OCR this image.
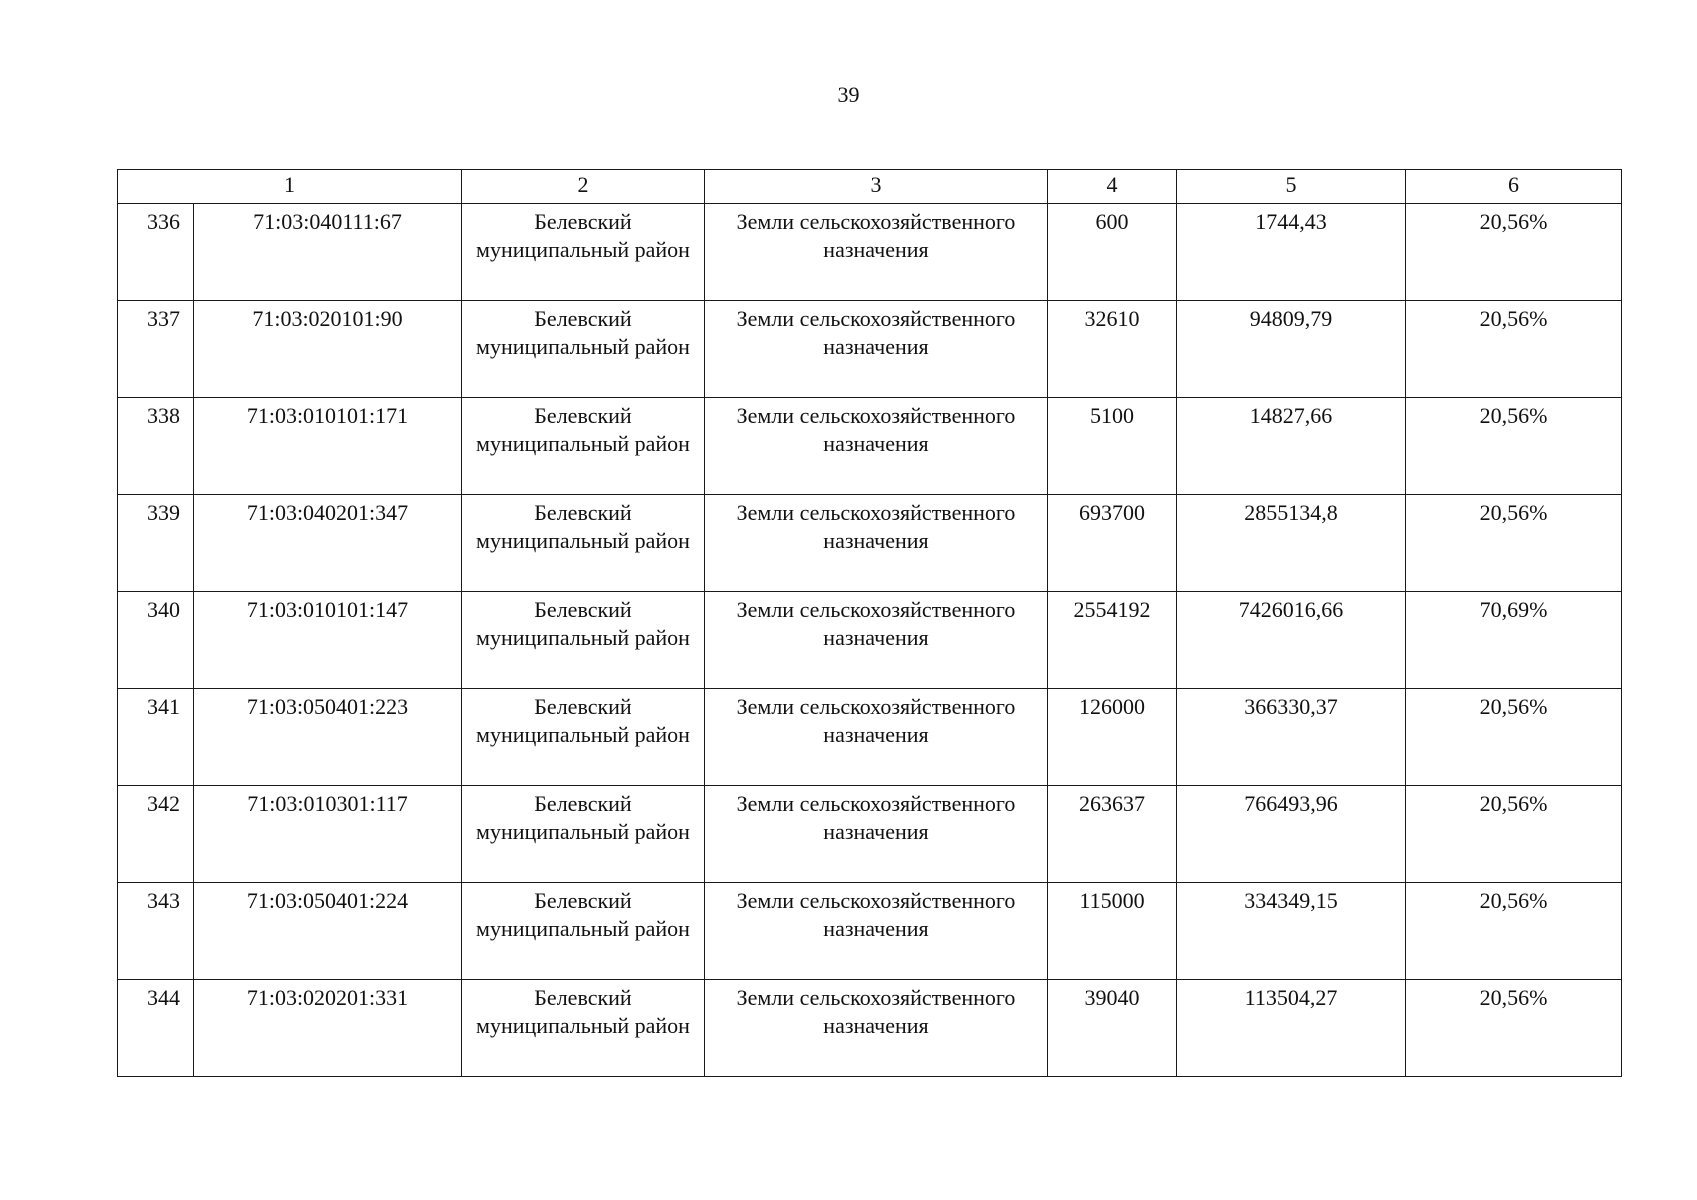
39
1		2	3	4	5	6
336	71:03:040111:67	Белевский муниципальный район	Земли сельскохозяйственного назначения	600	1744,43	20,56%
337	71:03:020101:90	Белевский муниципальный район	Земли сельскохозяйственного назначения	32610	94809,79	20,56%
338	71:03:010101:171	Белевский муниципальный район	Земли сельскохозяйственного назначения	5100	14827,66	20,56%
339	71:03:040201:347	Белевский муниципальный район	Земли сельскохозяйственного назначения	693700	2855134,8	20,56%
340	71:03:010101:147	Белевский муниципальный район	Земли сельскохозяйственного назначения	2554192	7426016,66	70,69%
341	71:03:050401:223	Белевский муниципальный район	Земли сельскохозяйственного назначения	126000	366330,37	20,56%
342	71:03:010301:117	Белевский муниципальный район	Земли сельскохозяйственного назначения	263637	766493,96	20,56%
343	71:03:050401:224	Белевский муниципальный район	Земли сельскохозяйственного назначения	115000	334349,15	20,56%
344	71:03:020201:331	Белевский муниципальный район	Земли сельскохозяйственного назначения	39040	113504,27	20,56%
